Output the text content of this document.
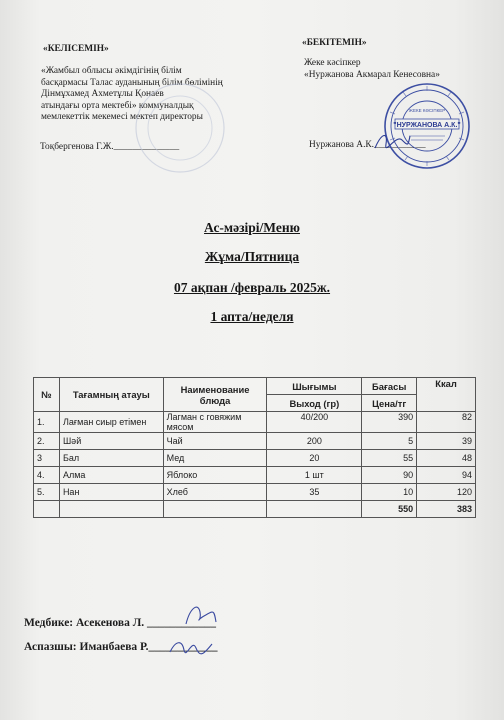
«КЕЛІСЕМІН»
«Жамбыл облысы әкімдігінің білім
басқармасы Талас ауданының білім бөлімінің
Дінмұхамед Ахметұлы Қонаев
атындағы орта мектебі» коммуналдық
мемлекеттік мекемесі мектеп директоры
Тоқбергенова Г.Ж.______________
«БЕКІТЕМІН»
Жеке кәсіпкер
«Нуржанова Акмарал Кенесовна»
Нуржанова А.К.___________
ЖЕКЕ КӘСІПКЕР
"НУРЖАНОВА А.К."
Ас-мәзірі/Меню
Жұма/Пятница
07 ақпан /февраль 2025ж.
1 апта/неделя
№	Тағамның атауы	Наименование блюда	Шығымы	Бағасы	Ккал
			Выход (гр)	Цена/тг	
1.	Лағман сиыр етімен	Лагман с говяжим мясом	40/200	390	82
2.	Шәй	Чай	200	5	39
3	Бал	Мед	20	55	48
4.	Алма	Яблоко	1 шт	90	94
5.	Нан	Хлеб	35	10	120
				550	383
Медбике: Асекенова Л. ____________
Аспазшы: Иманбаева Р.____________
